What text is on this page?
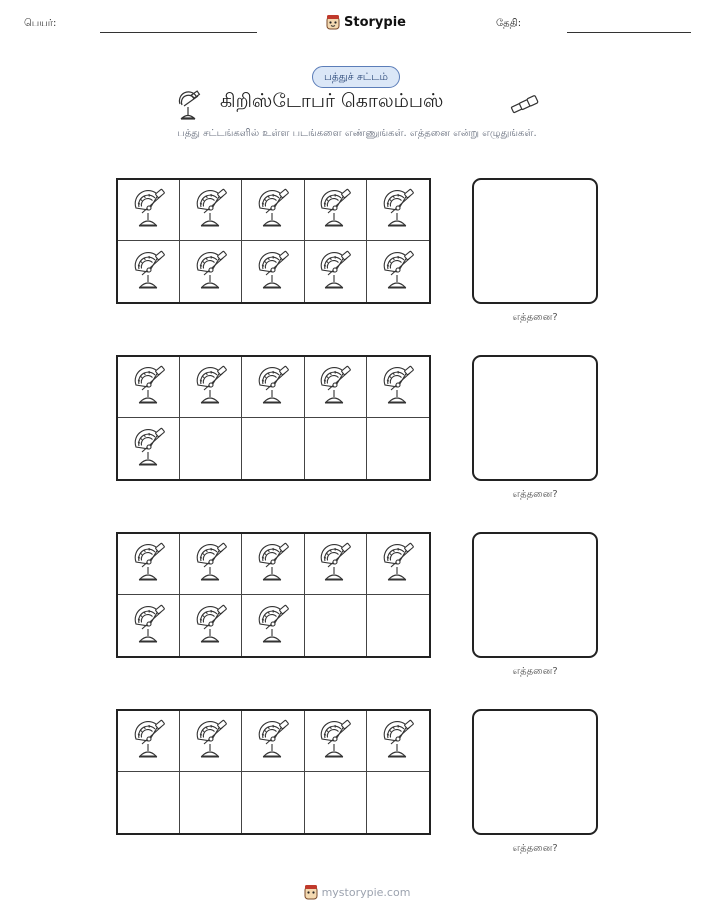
பெயர்:	Storypie	தேதி:
பத்துச் சட்டம்
கிறிஸ்டோபர் கொலம்பஸ்
பத்து சட்டங்களில் உள்ள படங்களை எண்ணுங்கள். எத்தனை என்று எழுதுங்கள்.
எத்தனை?
எத்தனை?
எத்தனை?
எத்தனை?
mystorypie.com
